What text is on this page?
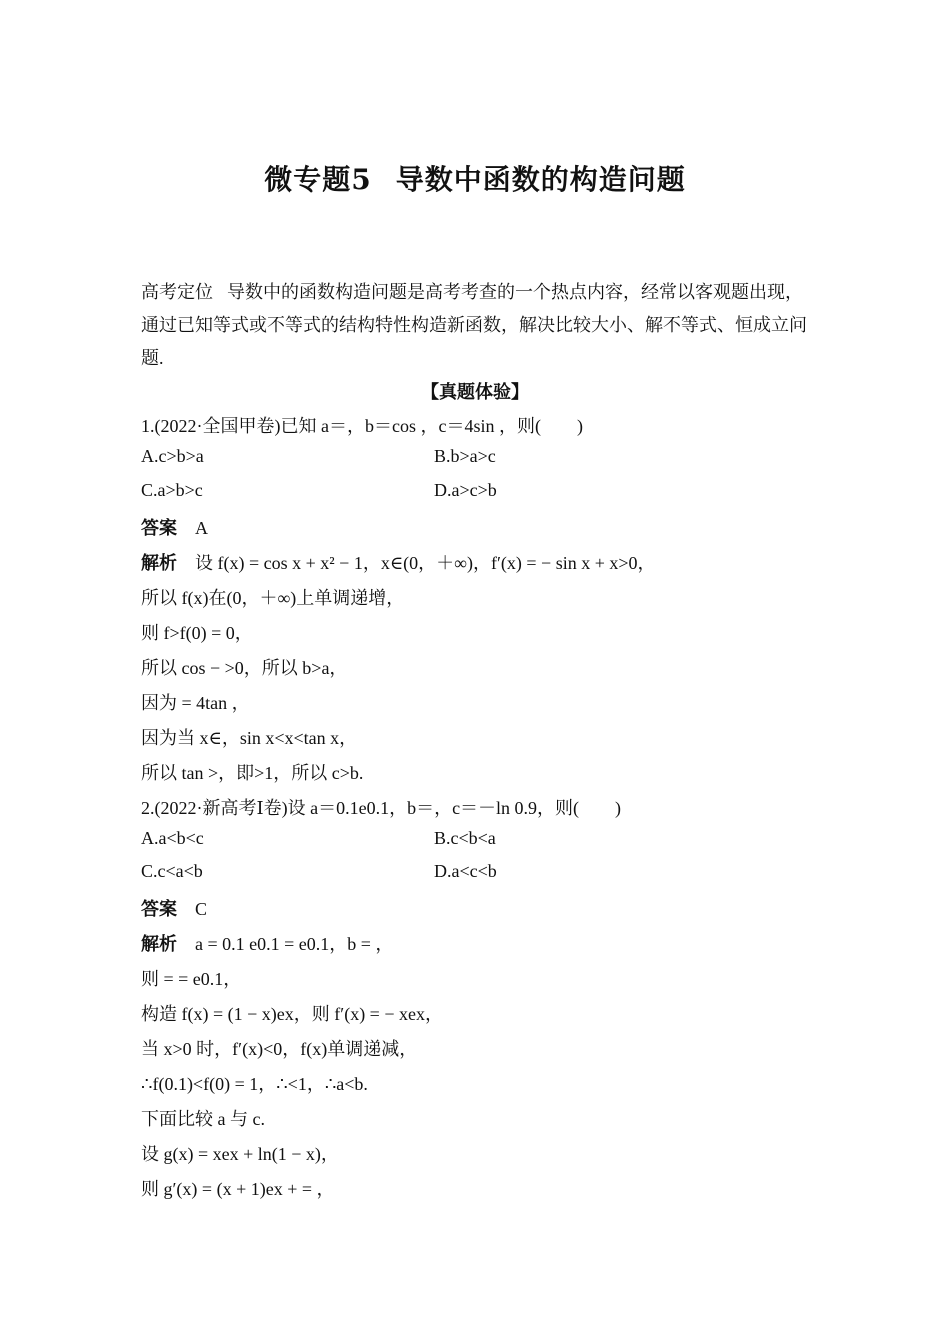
微专题5 导数中函数的构造问题
高考定位 导数中的函数构造问题是高考考查的一个热点内容，经常以客观题出现，通过已知等式或不等式的结构特性构造新函数，解决比较大小、解不等式、恒成立问题.
【真题体验】
1.(2022·全国甲卷)已知 a＝，b＝cos ，c＝4sin ，则(　　)
A.c>b>a	B.b>a>c
C.a>b>c	D.a>c>b
答案 A
解析 设 f(x) = cos x + x² − 1，x∈(0，＋∞)，f′(x) = − sin x + x>0，
所以 f(x)在(0，＋∞)上单调递增，
则 f>f(0) = 0，
所以 cos − >0，所以 b>a，
因为 = 4tan ，
因为当 x∈，sin x<x<tan x，
所以 tan >，即>1，所以 c>b.
2.(2022·新高考Ⅰ卷)设 a＝0.1e0.1，b＝，c＝－ln 0.9，则(　　)
A.a<b<c	B.c<b<a
C.c<a<b	D.a<c<b
答案 C
解析 a = 0.1 e0.1 = e0.1，b = ，
则 = = e0.1，
构造 f(x) = (1 − x)ex，则 f′(x) = − xex，
当 x>0 时，f′(x)<0，f(x)单调递减，
∴f(0.1)<f(0) = 1，∴<1，∴a<b.
下面比较 a 与 c.
设 g(x) = xex + ln(1 − x)，
则 g′(x) = (x + 1)ex + = ，
